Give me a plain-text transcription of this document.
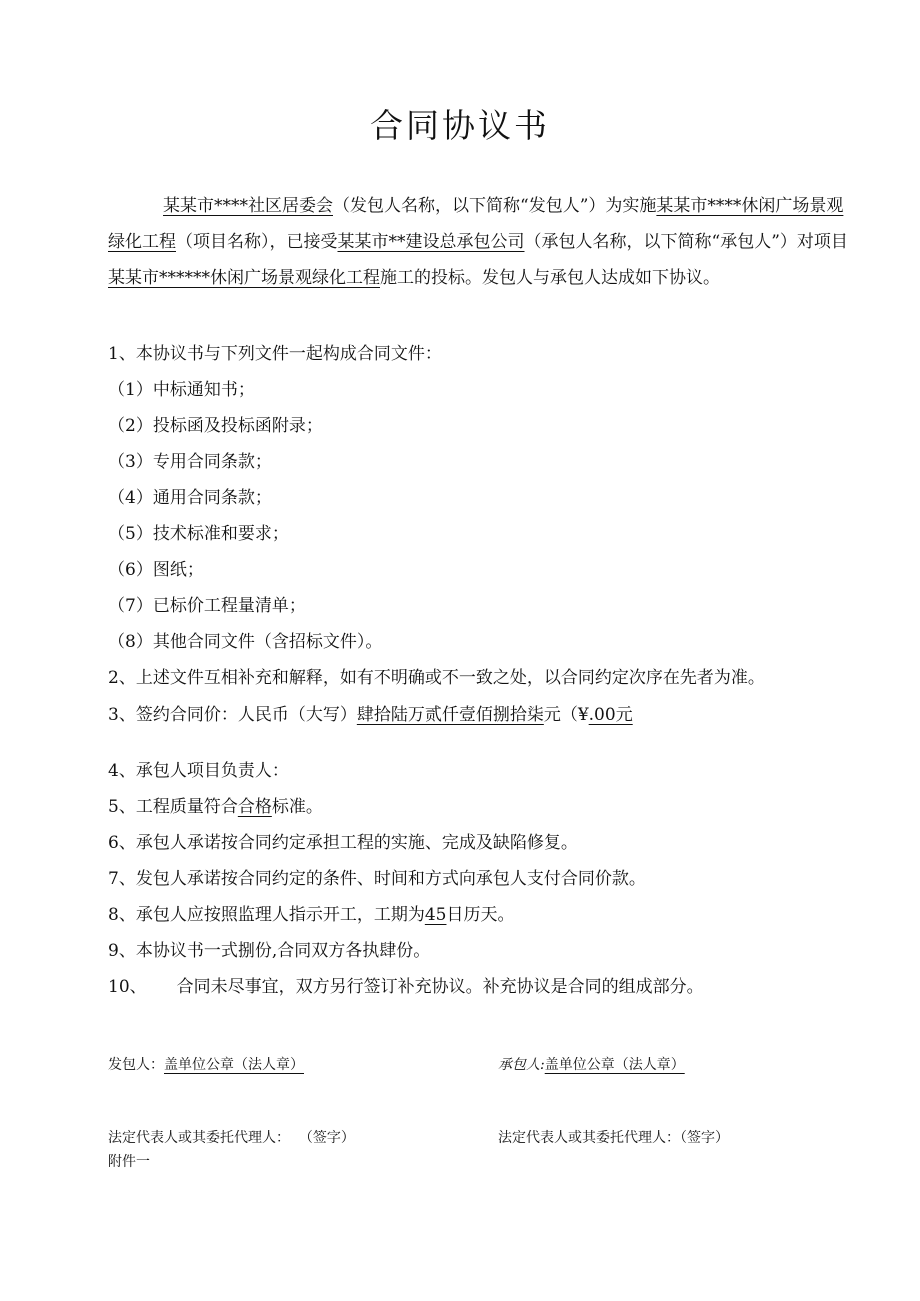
合同协议书

某某市****社区居委会（发包人名称，以下简称“发包人”）为实施某某市****休闲广场景观绿化工程（项目名称），已接受某某市**建设总承包公司（承包人名称，以下简称“承包人”）对项目某某市******休闲广场景观绿化工程施工的投标。发包人与承包人达成如下协议。

1、本协议书与下列文件一起构成合同文件：
（1）中标通知书；
（2）投标函及投标函附录；
（3）专用合同条款；
（4）通用合同条款；
（5）技术标准和要求；
（6）图纸；
（7）已标价工程量清单；
（8）其他合同文件（含招标文件）。
2、上述文件互相补充和解释，如有不明确或不一致之处，以合同约定次序在先者为准。
3、签约合同价：人民币（大写）肆拾陆万贰仟壹佰捌拾柒元（¥.00元
4、承包人项目负责人：
5、工程质量符合合格标准。
6、承包人承诺按合同约定承担工程的实施、完成及缺陷修复。
7、发包人承诺按合同约定的条件、时间和方式向承包人支付合同价款。
8、承包人应按照监理人指示开工，工期为45日历天。
9、本协议书一式捌份,合同双方各执肆份。
10、 合同未尽事宜，双方另行签订补充协议。补充协议是合同的组成部分。
发包人：盖单位公章（法人章）	承包人:盖单位公章（法人章）
法定代表人或其委托代理人：  （签字）	法定代表人或其委托代理人：（签字）
附件一
